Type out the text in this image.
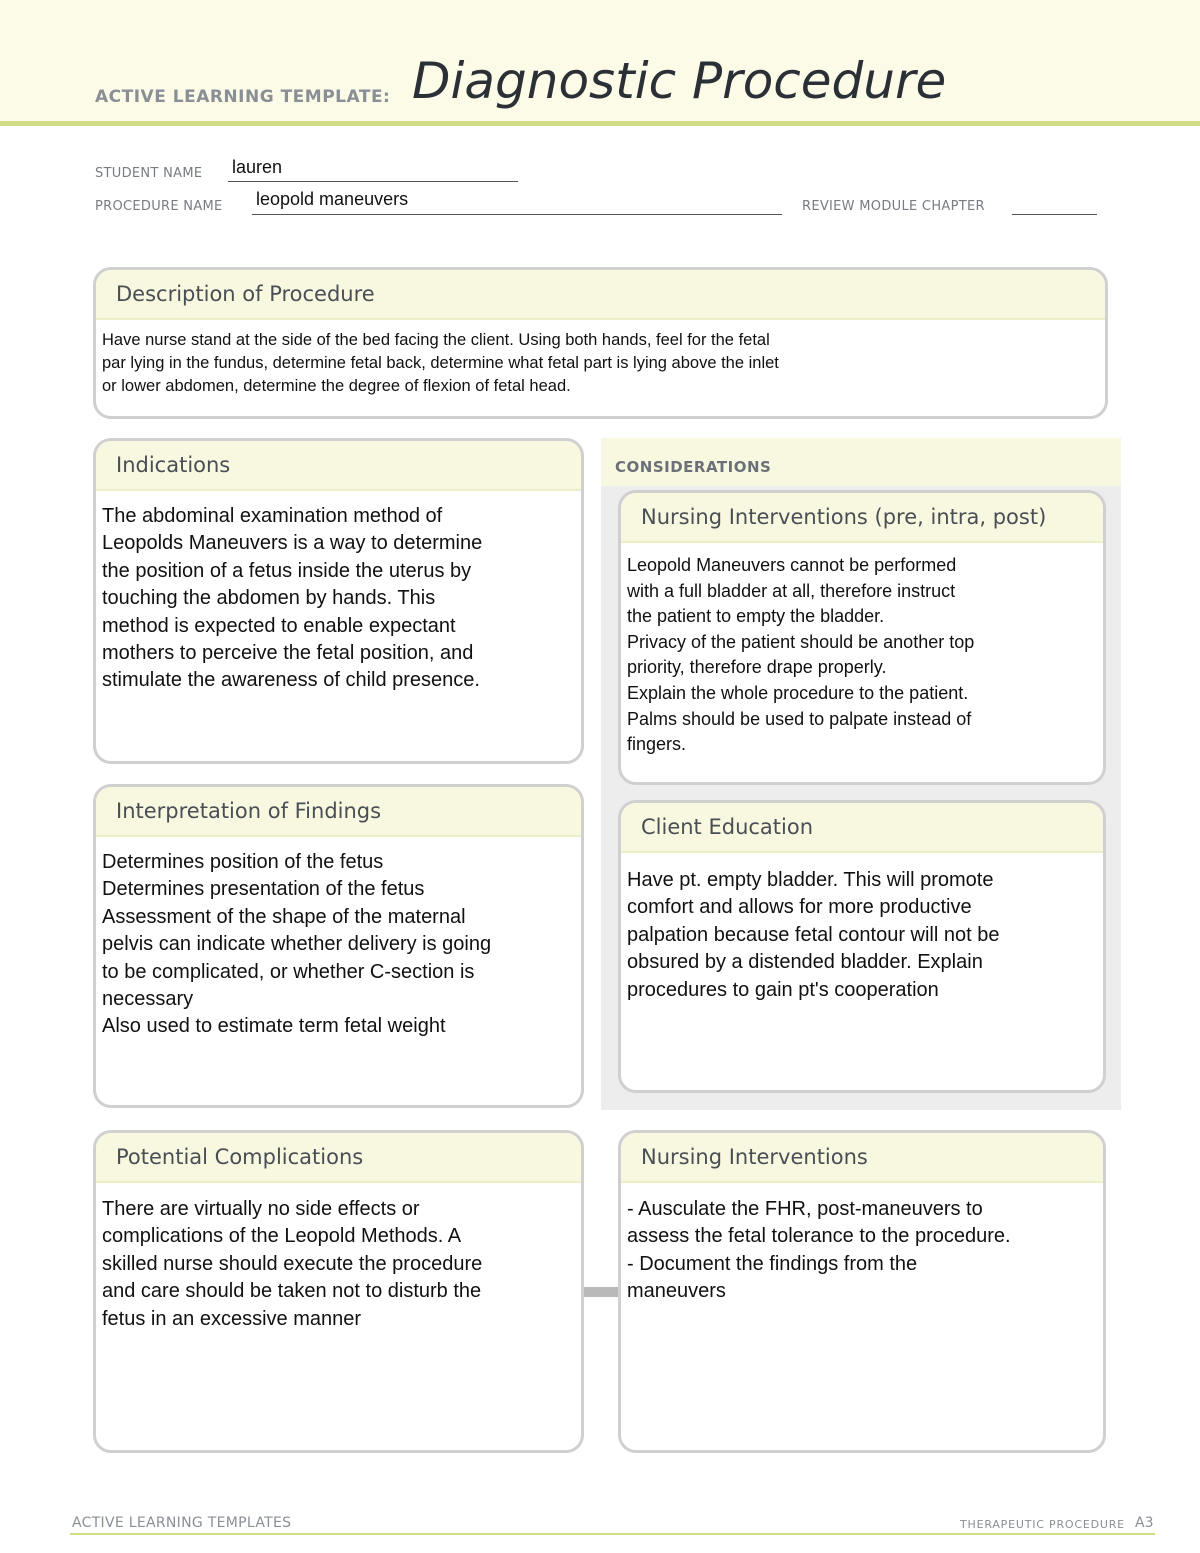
ACTIVE LEARNING TEMPLATE: Diagnostic Procedure
STUDENT NAME lauren
PROCEDURE NAME leopold maneuvers	REVIEW MODULE CHAPTER
Description of Procedure
Have nurse stand at the side of the bed facing the client. Using both hands, feel for the fetal
par lying in the fundus, determine fetal back, determine what fetal part is lying above the inlet
or lower abdomen, determine the degree of flexion of fetal head.
CONSIDERATIONS
Indications
The abdominal examination method of
Leopolds Maneuvers is a way to determine
the position of a fetus inside the uterus by
touching the abdomen by hands. This
method is expected to enable expectant
mothers to perceive the fetal position, and
stimulate the awareness of child presence.
Nursing Interventions (pre, intra, post)
Leopold Maneuvers cannot be performed
with a full bladder at all, therefore instruct
the patient to empty the bladder.
Privacy of the patient should be another top
priority, therefore drape properly.
Explain the whole procedure to the patient.
Palms should be used to palpate instead of
fingers.
Interpretation of Findings
Determines position of the fetus
Determines presentation of the fetus
Assessment of the shape of the maternal
pelvis can indicate whether delivery is going
to be complicated, or whether C-section is
necessary
Also used to estimate term fetal weight
Client Education
Have pt. empty bladder. This will promote
comfort and allows for more productive
palpation because fetal contour will not be
obsured by a distended bladder. Explain
procedures to gain pt's cooperation
Potential Complications
There are virtually no side effects or
complications of the Leopold Methods. A
skilled nurse should execute the procedure
and care should be taken not to disturb the
fetus in an excessive manner
Nursing Interventions
- Ausculate the FHR, post-maneuvers to
assess the fetal tolerance to the procedure.
- Document the findings from the
maneuvers
ACTIVE LEARNING TEMPLATES	THERAPEUTIC PROCEDURE A3
